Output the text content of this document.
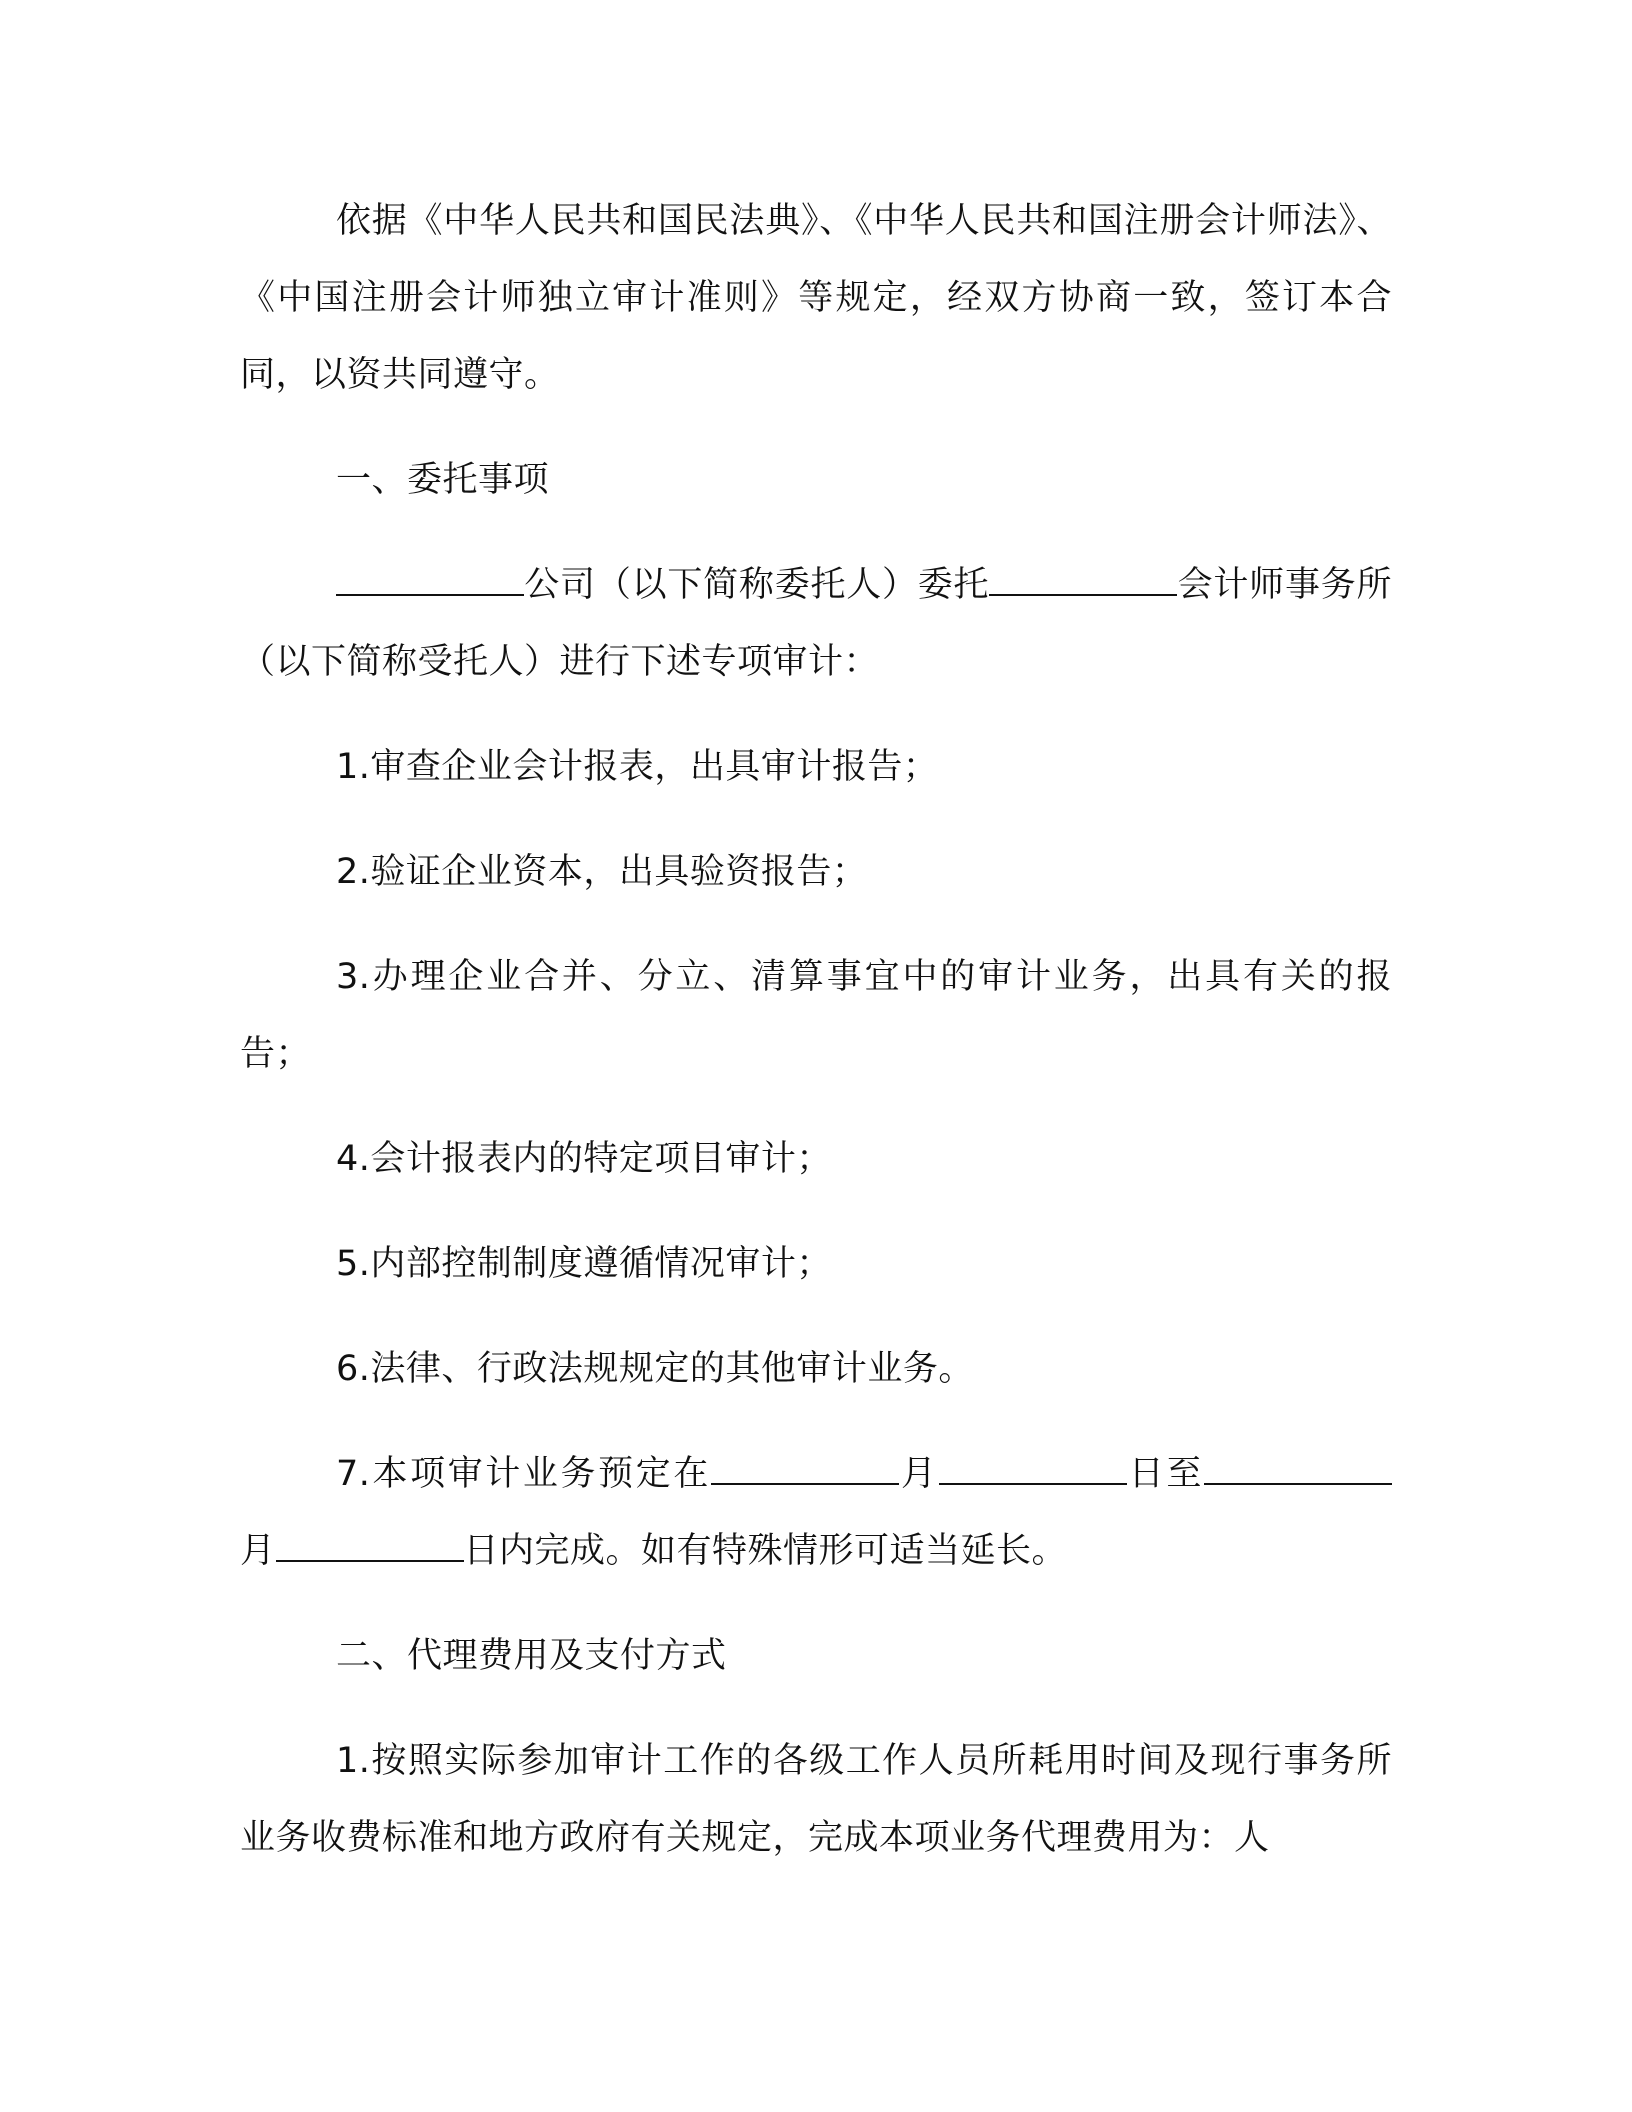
依据《中华人民共和国民法典》、《中华人民共和国注册会计师法》、《中国注册会计师独立审计准则》等规定，经双方协商一致，签订本合同，以资共同遵守。

一、委托事项

公司（以下简称委托人）委托	会计师事务所（以下简称受托人）进行下述专项审计：

1.审查企业会计报表，出具审计报告；

2.验证企业资本，出具验资报告；

3.办理企业合并、分立、清算事宜中的审计业务，出具有关的报告；

4.会计报表内的特定项目审计；

5.内部控制制度遵循情况审计；

6.法律、行政法规规定的其他审计业务。

7.本项审计业务预定在	月	日至月	日内完成。如有特殊情形可适当延长。

二、代理费用及支付方式

1.按照实际参加审计工作的各级工作人员所耗用时间及现行事务所业务收费标准和地方政府有关规定，完成本项业务代理费用为：人
